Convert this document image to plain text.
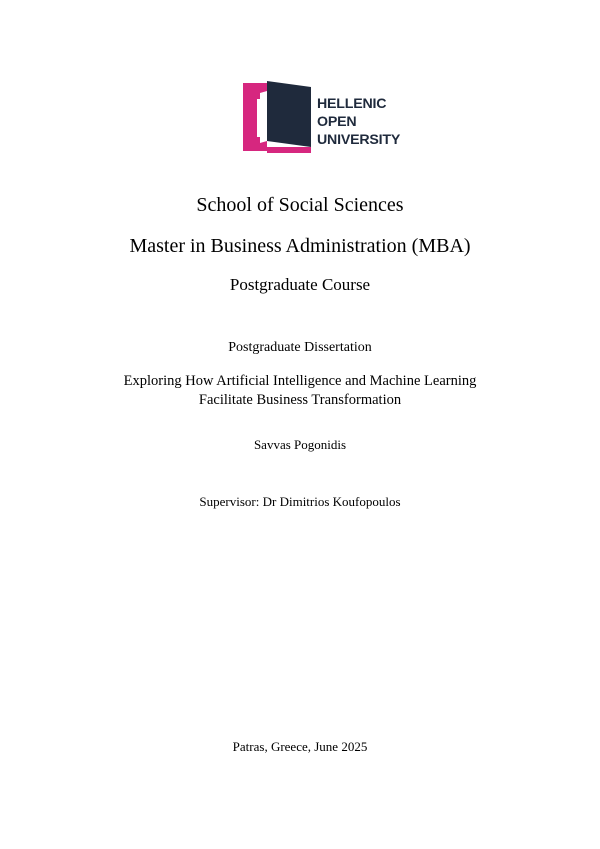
HELLENIC
OPEN
UNIVERSITY
School of Social Sciences
Master in Business Administration (MBA)
Postgraduate Course
Postgraduate Dissertation
Exploring How Artificial Intelligence and Machine Learning
Facilitate Business Transformation
Savvas Pogonidis
Supervisor: Dr Dimitrios Koufopoulos
Patras, Greece, June 2025
